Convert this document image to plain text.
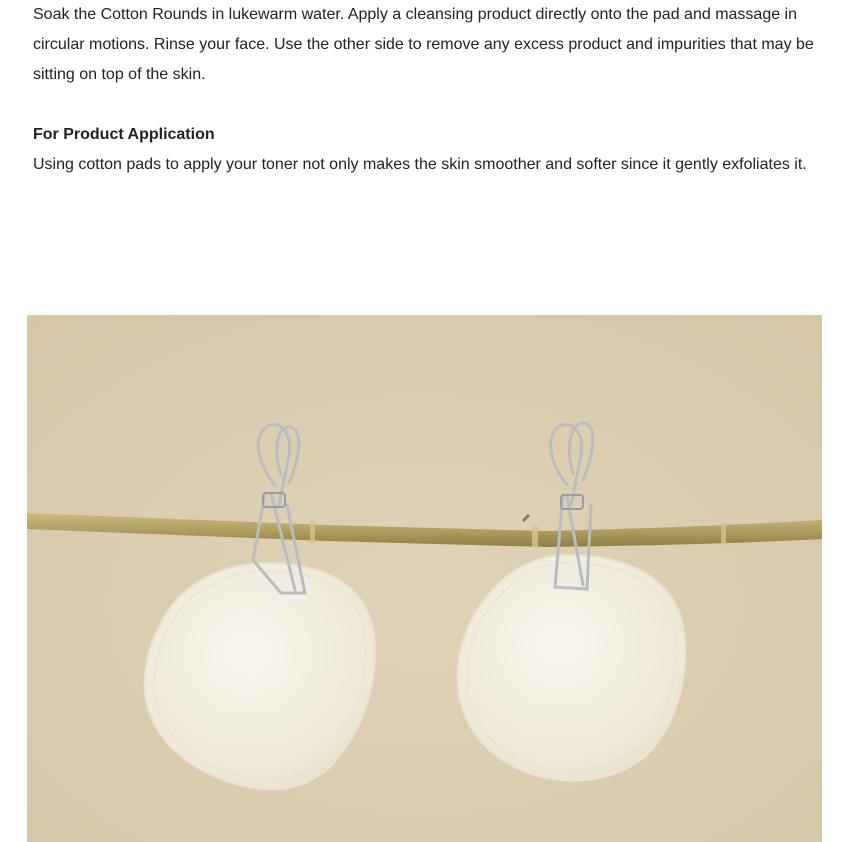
Soak the Cotton Rounds in lukewarm water. Apply a cleansing product directly onto the pad and massage in circular motions. Rinse your face. Use the other side to remove any excess product and impurities that may be sitting on top of the skin.

For Product Application

Using cotton pads to apply your toner not only makes the skin smoother and softer since it gently exfoliates it.
